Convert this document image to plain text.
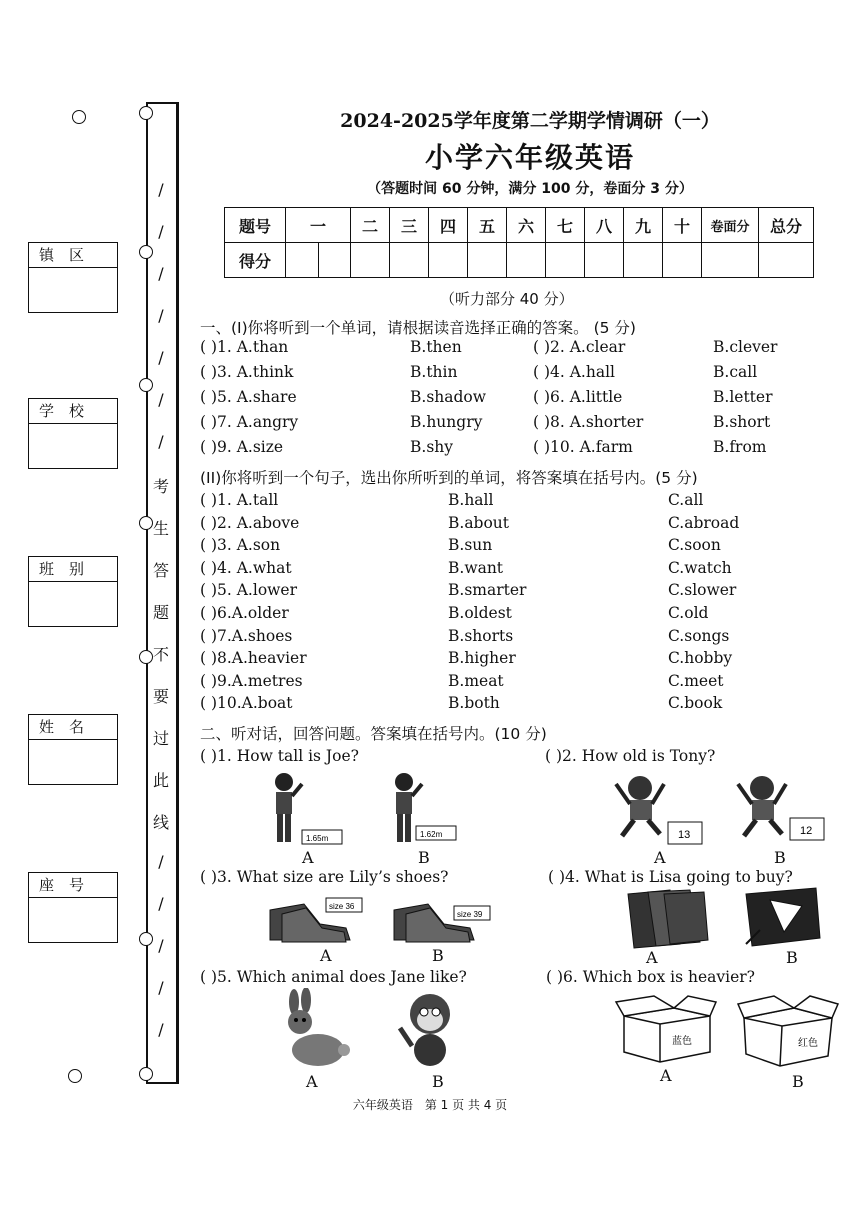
/
/
/
/
/
/
/
考
生
答
题
不
要
过
此
线
/
/
/
/
/
镇　区
学　校
班　别
姓　名
座　号
2024-2025学年度第二学期学情调研（一）
小学六年级英语
（答题时间 60 分钟，满分 100 分，卷面分 3 分）
题号	一	二	三	四	五	六	七	八	九	十	卷面分	总分
得分	

（听力部分 40 分）
一、(I)你将听到一个单词，请根据读音选择正确的答案。 (5 分)
( )1. A.than	B.then	( )2. A.clear	B.clever
( )3. A.think	B.thin	( )4. A.hall	B.call
( )5. A.share	B.shadow	( )6. A.little	B.letter
( )7. A.angry	B.hungry	( )8. A.shorter	B.short
( )9. A.size	B.shy	( )10. A.farm	B.from
(II)你将听到一个句子，选出你所听到的单词，将答案填在括号内。(5 分)
( )1. A.tall	B.hall	C.all
( )2. A.above	B.about	C.abroad
( )3. A.son	B.sun	C.soon
( )4. A.what	B.want	C.watch
( )5. A.lower	B.smarter	C.slower
( )6.A.older	B.oldest	C.old
( )7.A.shoes	B.shorts	C.songs
( )8.A.heavier	B.higher	C.hobby
( )9.A.metres	B.meat	C.meet
( )10.A.boat	B.both	C.book
二、听对话，回答问题。答案填在括号内。(10 分)
( )1. How tall is Joe?	( )2. How old is Tony?
1.65m	1.62m
A	B
13	12
A	B
( )3. What size are Lily’s shoes?	( )4. What is Lisa going to buy?
size 36
size 39
A	B	A	B
( )5. Which animal does Jane like?	( )6. Which box is heavier?
A	B
蓝色	红色
A	B
六年级英语　第 1 页 共 4 页
